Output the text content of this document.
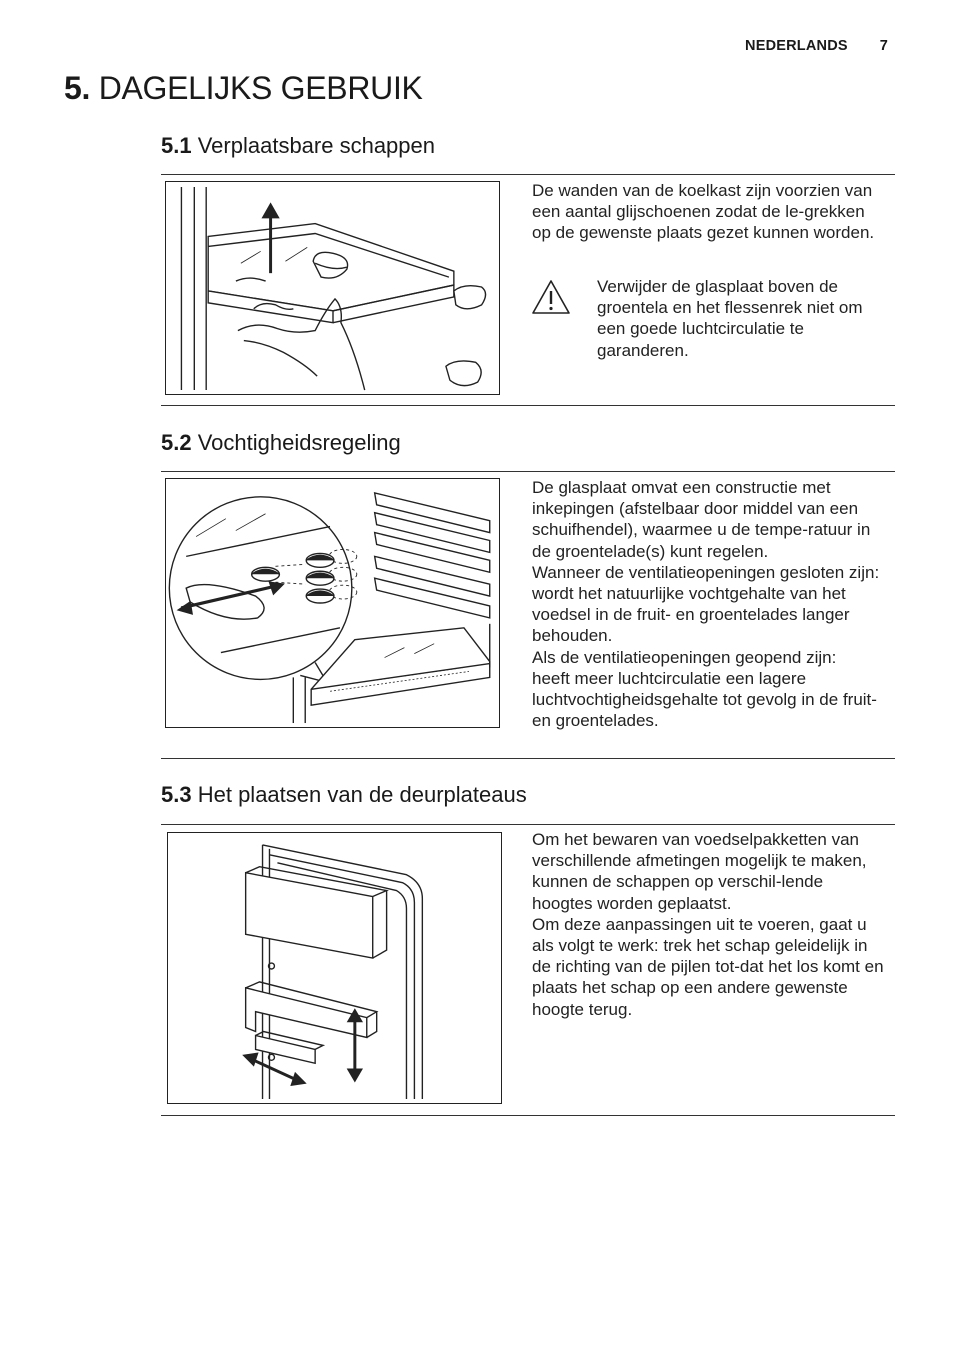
NEDERLANDS 7
5. DAGELIJKS GEBRUIK
5.1 Verplaatsbare schappen

De wanden van de koelkast zijn voorzien van een aantal glijschoenen zodat de le-grekken op de gewenste plaats gezet kunnen worden.

Verwijder de glasplaat boven de groentela en het flessenrek niet om een goede luchtcirculatie te garanderen.
5.2 Vochtigheidsregeling

De glasplaat omvat een constructie met inkepingen (afstelbaar door middel van een schuifhendel), waarmee u de tempe-ratuur in de groentelade(s) kunt regelen.

Wanneer de ventilatieopeningen gesloten zijn:

wordt het natuurlijke vochtgehalte van het voedsel in de fruit- en groentelades langer behouden.

Als de ventilatieopeningen geopend zijn:

heeft meer luchtcirculatie een lagere luchtvochtigheidsgehalte tot gevolg in de fruit- en groentelades.

5.3 Het plaatsen van de deurplateaus

Om het bewaren van voedselpakketten van verschillende afmetingen mogelijk te maken, kunnen de schappen op verschil-lende hoogtes worden geplaatst.

Om deze aanpassingen uit te voeren, gaat u als volgt te werk: trek het schap geleidelijk in de richting van de pijlen tot-dat het los komt en plaats het schap op een andere gewenste hoogte terug.
